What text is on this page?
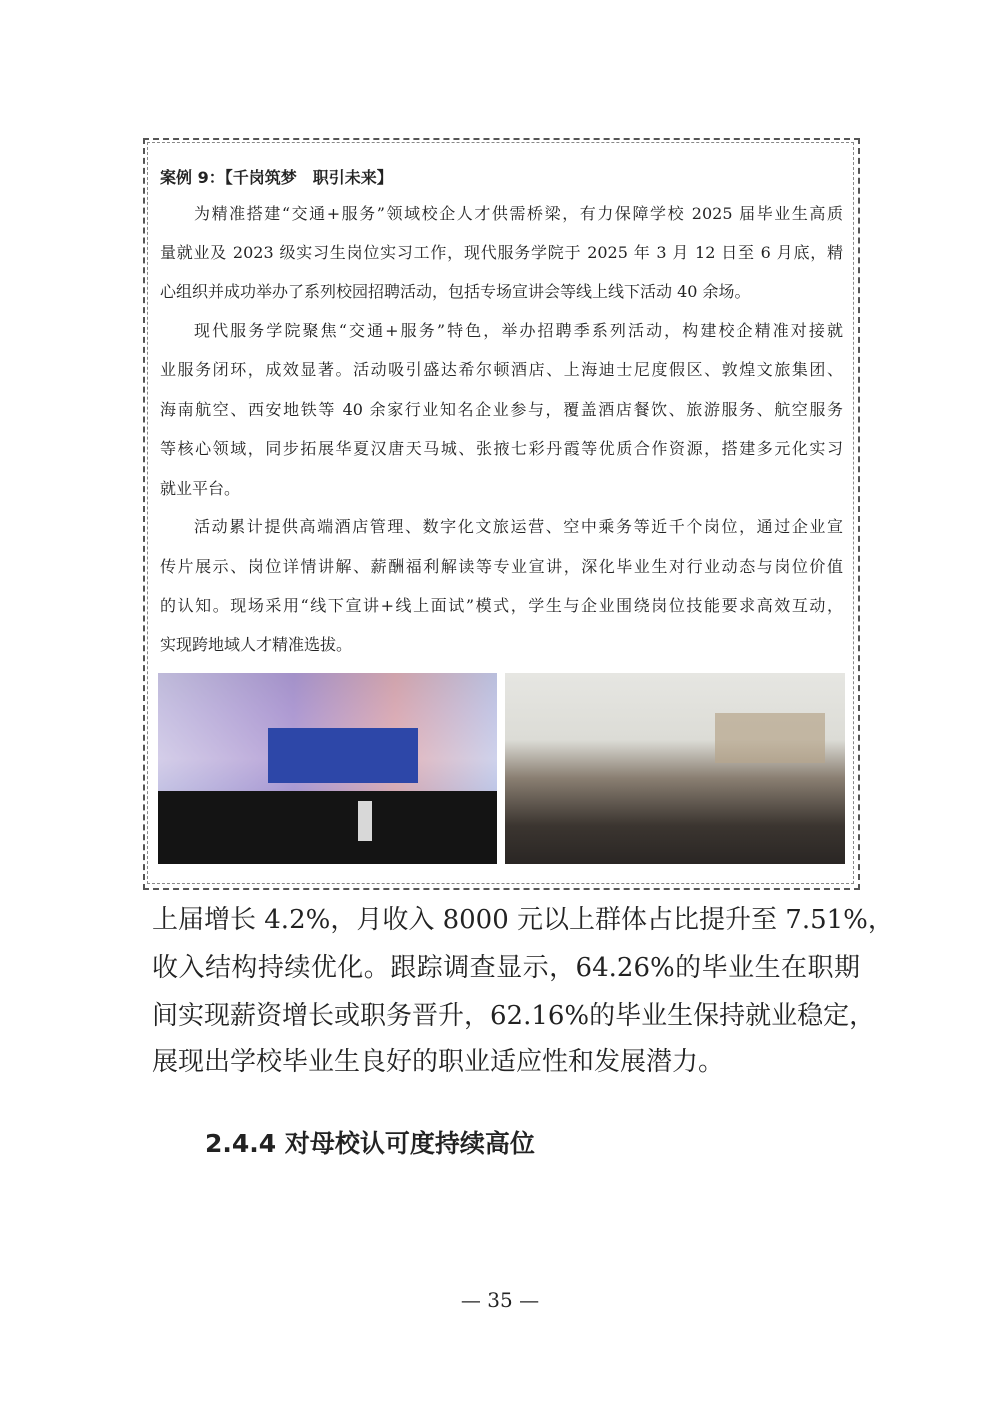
案例 9：【千岗筑梦　职引未来】
为精准搭建“交通+服务”领域校企人才供需桥梁，有力保障学校 2025 届毕业生高质
量就业及 2023 级实习生岗位实习工作，现代服务学院于 2025 年 3 月 12 日至 6 月底，精
心组织并成功举办了系列校园招聘活动，包括专场宣讲会等线上线下活动 40 余场。
现代服务学院聚焦“交通+服务”特色，举办招聘季系列活动，构建校企精准对接就
业服务闭环，成效显著。活动吸引盛达希尔顿酒店、上海迪士尼度假区、敦煌文旅集团、
海南航空、西安地铁等 40 余家行业知名企业参与，覆盖酒店餐饮、旅游服务、航空服务
等核心领域，同步拓展华夏汉唐天马城、张掖七彩丹霞等优质合作资源，搭建多元化实习
就业平台。
活动累计提供高端酒店管理、数字化文旅运营、空中乘务等近千个岗位，通过企业宣
传片展示、岗位详情讲解、薪酬福利解读等专业宣讲，深化毕业生对行业动态与岗位价值
的认知。现场采用“线下宣讲+线上面试”模式，学生与企业围绕岗位技能要求高效互动，
实现跨地域人才精准选拔。
上届增长 4.2%，月收入 8000 元以上群体占比提升至 7.51%，
收入结构持续优化。跟踪调查显示，64.26%的毕业生在职期
间实现薪资增长或职务晋升，62.16%的毕业生保持就业稳定，
展现出学校毕业生良好的职业适应性和发展潜力。
2.4.4 对母校认可度持续高位
— 35 —
